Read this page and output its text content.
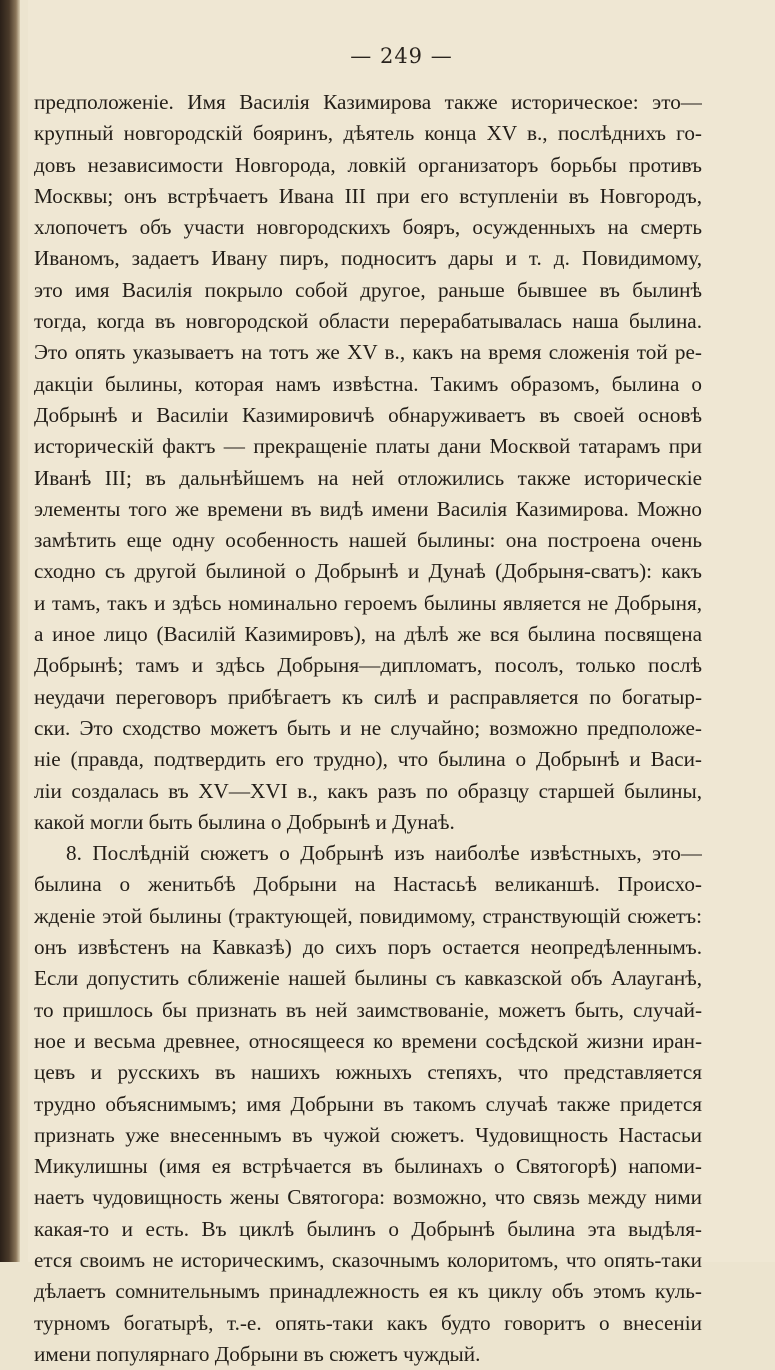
— 249 —
предположеніе. Имя Василія Казимирова также историческое: это—
крупный новгородскій бояринъ, дѣятель конца XV в., послѣднихъ го-
довъ независимости Новгорода, ловкій организаторъ борьбы противъ
Москвы; онъ встрѣчаетъ Ивана III при его вступленіи въ Новгородъ,
хлопочетъ объ участи новгородскихъ бояръ, осужденныхъ на смерть
Иваномъ, задаетъ Ивану пиръ, подноситъ дары и т. д. Повидимому,
это имя Василія покрыло собой другое, раньше бывшее въ былинѣ
тогда, когда въ новгородской области перерабатывалась наша былина.
Это опять указываетъ на тотъ же XV в., какъ на время сложенія той ре-
дакціи былины, которая намъ извѣстна. Такимъ образомъ, былина о
Добрынѣ и Василіи Казимировичѣ обнаруживаетъ въ своей основѣ
историческій фактъ — прекращеніе платы дани Москвой татарамъ при
Иванѣ III; въ дальнѣйшемъ на ней отложились также историческіе
элементы того же времени въ видѣ имени Василія Казимирова. Можно
замѣтить еще одну особенность нашей былины: она построена очень
сходно съ другой былиной о Добрынѣ и Дунаѣ (Добрыня-сватъ): какъ
и тамъ, такъ и здѣсь номинально героемъ былины является не Добрыня,
а иное лицо (Василій Казимировъ), на дѣлѣ же вся былина посвящена
Добрынѣ; тамъ и здѣсь Добрыня—дипломатъ, посолъ, только послѣ
неудачи переговоръ прибѣгаетъ къ силѣ и расправляется по богатыр-
ски. Это сходство можетъ быть и не случайно; возможно предположе-
ніе (правда, подтвердить его трудно), что былина о Добрынѣ и Васи-
ліи создалась въ XV—XVI в., какъ разъ по образцу старшей былины,
какой могли быть былина о Добрынѣ и Дунаѣ.
8. Послѣдній сюжетъ о Добрынѣ изъ наиболѣе извѣстныхъ, это—
былина о женитьбѣ Добрыни на Настасьѣ великаншѣ. Происхо-
жденіе этой былины (трактующей, повидимому, странствующій сюжетъ:
онъ извѣстенъ на Кавказѣ) до сихъ поръ остается неопредѣленнымъ.
Если допустить сближеніе нашей былины съ кавказской объ Алауганѣ,
то пришлось бы признать въ ней заимствованіе, можетъ быть, случай-
ное и весьма древнее, относящееся ко времени сосѣдской жизни иран-
цевъ и русскихъ въ нашихъ южныхъ степяхъ, что представляется
трудно объяснимымъ; имя Добрыни въ такомъ случаѣ также придется
признать уже внесеннымъ въ чужой сюжетъ. Чудовищность Настасьи
Микулишны (имя ея встрѣчается въ былинахъ о Святогорѣ) напоми-
наетъ чудовищность жены Святогора: возможно, что связь между ними
какая-то и есть. Въ циклѣ былинъ о Добрынѣ былина эта выдѣля-
ется своимъ не историческимъ, сказочнымъ колоритомъ, что опять-таки
дѣлаетъ сомнительнымъ принадлежность ея къ циклу объ этомъ куль-
турномъ богатырѣ, т.-е. опять-таки какъ будто говоритъ о внесеніи
имени популярнаго Добрыни въ сюжетъ чуждый.
